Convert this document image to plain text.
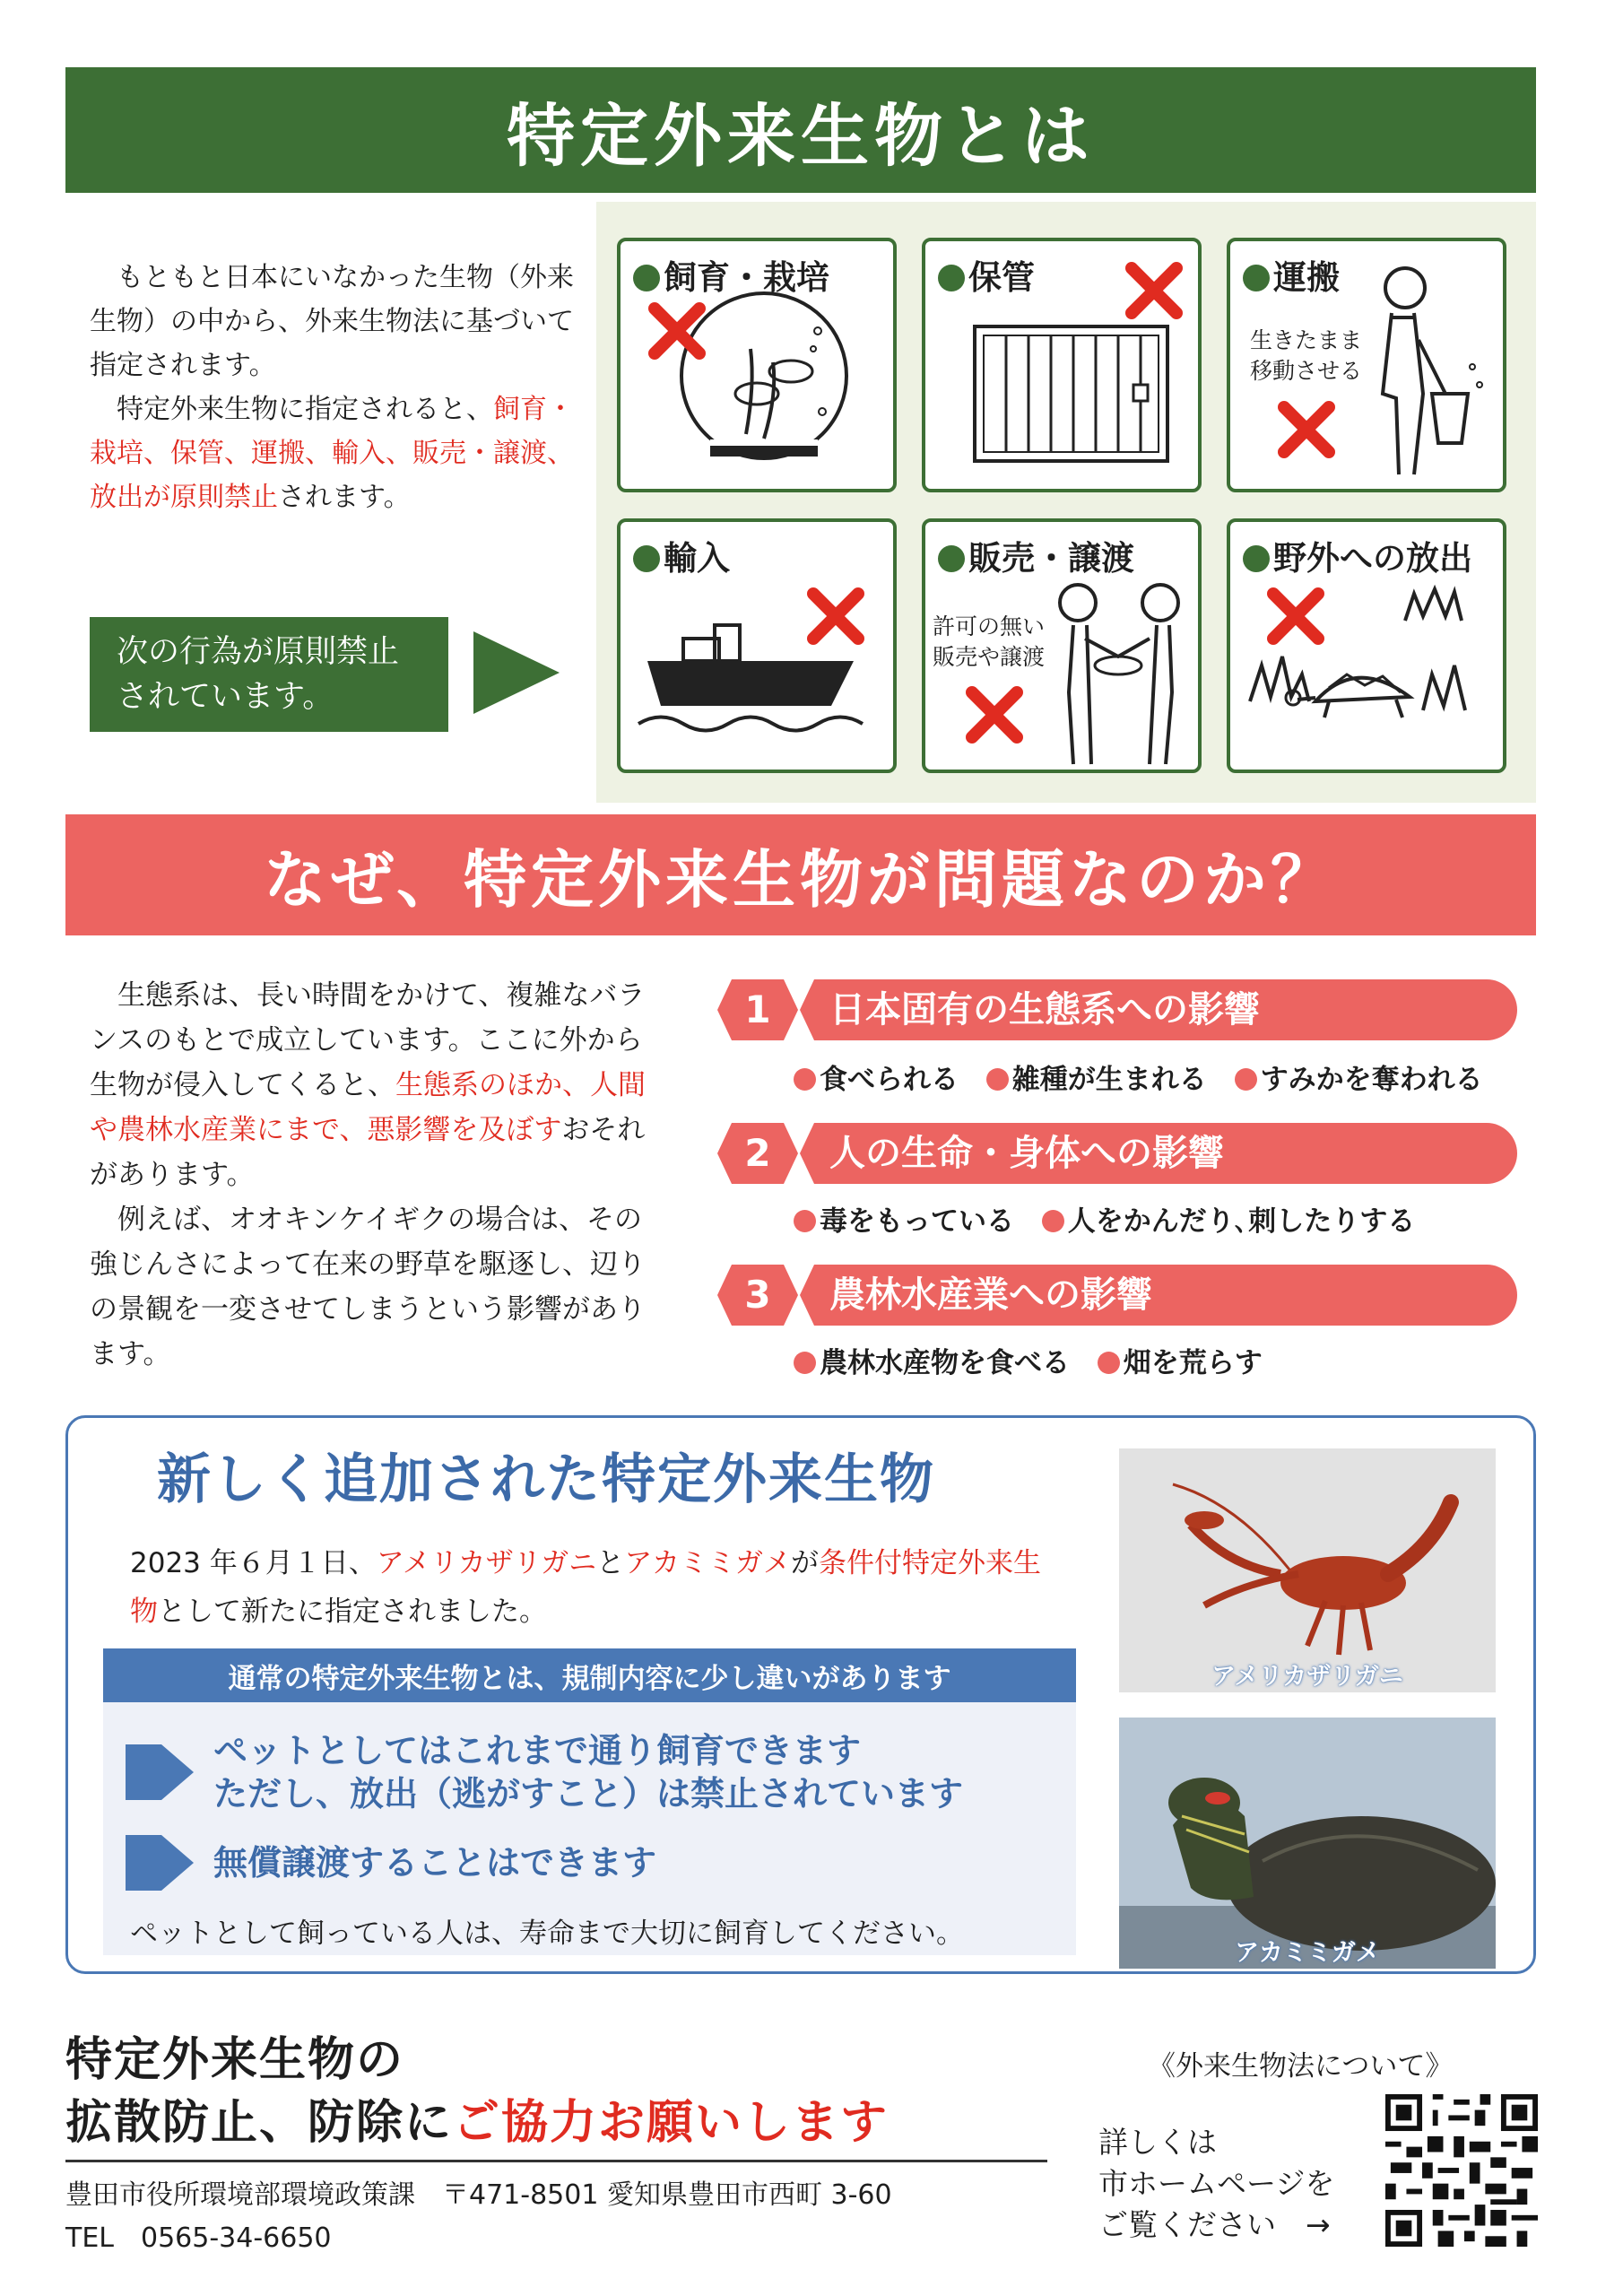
特定外来生物とは

もともと日本にいなかった生物（外来生物）の中から、外来生物法に基づいて指定されます。

特定外来生物に指定されると、飼育・栽培、保管、運搬、輸入、販売・譲渡、放出が原則禁止されます。

次の行為が原則禁止
されています。
飼育・栽培	保管
生きたまま
移動させる
運搬
輸入
許可の無い
販売や譲渡
販売・譲渡	野外への放出
なぜ、特定外来生物が問題なのか？

生態系は、長い時間をかけて、複雑なバランスのもとで成立しています。ここに外から生物が侵入してくると、生態系のほか、人間や農林水産業にまで、悪影響を及ぼすおそれがあります。

例えば、オオキンケイギクの場合は、その強じんさによって在来の野草を駆逐し、辺りの景観を一変させてしまうという影響があります。

1	日本固有の生態系への影響
食べられる 雑種が生まれる すみかを奪われる
2	人の生命・身体への影響
毒をもっている 人をかんだり､刺したりする
3	農林水産業への影響
農林水産物を食べる 畑を荒らす
新しく追加された特定外来生物
2023 年６月１日、アメリカザリガニとアカミミガメが条件付特定外来生物として新たに指定されました。
通常の特定外来生物とは、規制内容に少し違いがあります
ペットとしてはこれまで通り飼育できます
ただし、放出（逃がすこと）は禁止されています
無償譲渡することはできます
ペットとして飼っている人は、寿命まで大切に飼育してください。
アメリカザリガニ
アカミミガメ
特定外来生物の
拡散防止、防除にご協力お願いします
豊田市役所環境部環境政策課　〒471-8501 愛知県豊田市西町 3-60
TEL　0565-34-6650
《外来生物法について》
詳しくは
市ホームページを
ご覧ください　→
